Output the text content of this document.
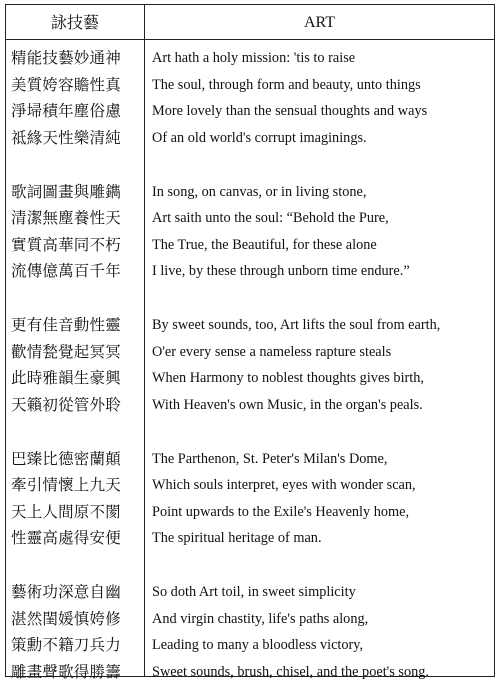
詠技藝	ART
精能技藝妙通神	Art hath a holy mission: 'tis to raise
美質姱容贍性真	The soul, through form and beauty, unto things
淨埽積年塵俗慮	More lovely than the sensual thoughts and ways
祗緣天性樂清純	Of an old world's corrupt imaginings.
歌詞圖畫與雕鐫	In song, on canvas, or in living stone,
清潔無塵養性天	Art saith unto the soul: “Behold the Pure,
實質高華同不朽	The True, the Beautiful, for these alone
流傳億萬百千年	I live, by these through unborn time endure.”
更有佳音動性靈	By sweet sounds, too, Art lifts the soul from earth,
歡情甃覺起冥冥	O'er every sense a nameless rapture steals
此時雅韻生豪興	When Harmony to noblest thoughts gives birth,
天籟初從管外聆	With Heaven's own Music, in the organ's peals.
巴臻比德密蘭顛	The Parthenon, St. Peter's Milan's Dome,
牽引情懷上九天	Which souls interpret, eyes with wonder scan,
天上人間原不閡	Point upwards to the Exile's Heavenly home,
性靈高處得安便	The spiritual heritage of man.
藝術功深意自幽	So doth Art toil, in sweet simplicity
湛然閨媛慎姱修	And virgin chastity, life's paths along,
策勳不籍刀兵力	Leading to many a bloodless victory,
雕畫聲歌得勝籌	Sweet sounds, brush, chisel, and the poet's song.
